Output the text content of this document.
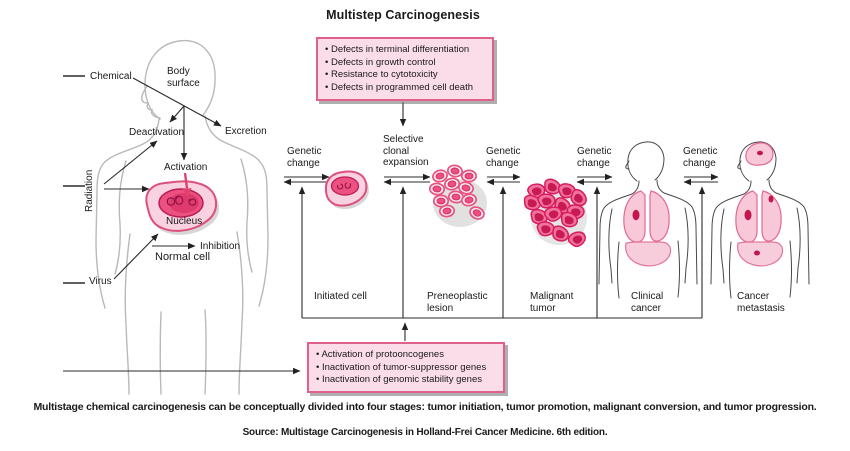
Multistep Carcinogenesis
• Defects in terminal differentiation
• Defects in growth control
• Resistance to cytotoxicity
• Defects in programmed cell death
• Activation of protooncogenes
• Inactivation of tumor-suppressor genes
• Inactivation of genomic stability genes
Chemical	Body
surface
Deactivation	Excretion
Radiation
Activation
Nucleus
Inhibition
Normal cell
Virus
Genetic
change
Selective
clonal
expansion
Genetic
change
Genetic
change
Genetic
change
Initiated cell	Preneoplastic
lesion
Malignant
tumor
Clinical
cancer
Cancer
metastasis
Multistage chemical carcinogenesis can be conceptually divided into four stages: tumor initiation, tumor promotion, malignant conversion, and tumor progression.
Source: Multistage Carcinogenesis in Holland-Frei Cancer Medicine. 6th edition.
